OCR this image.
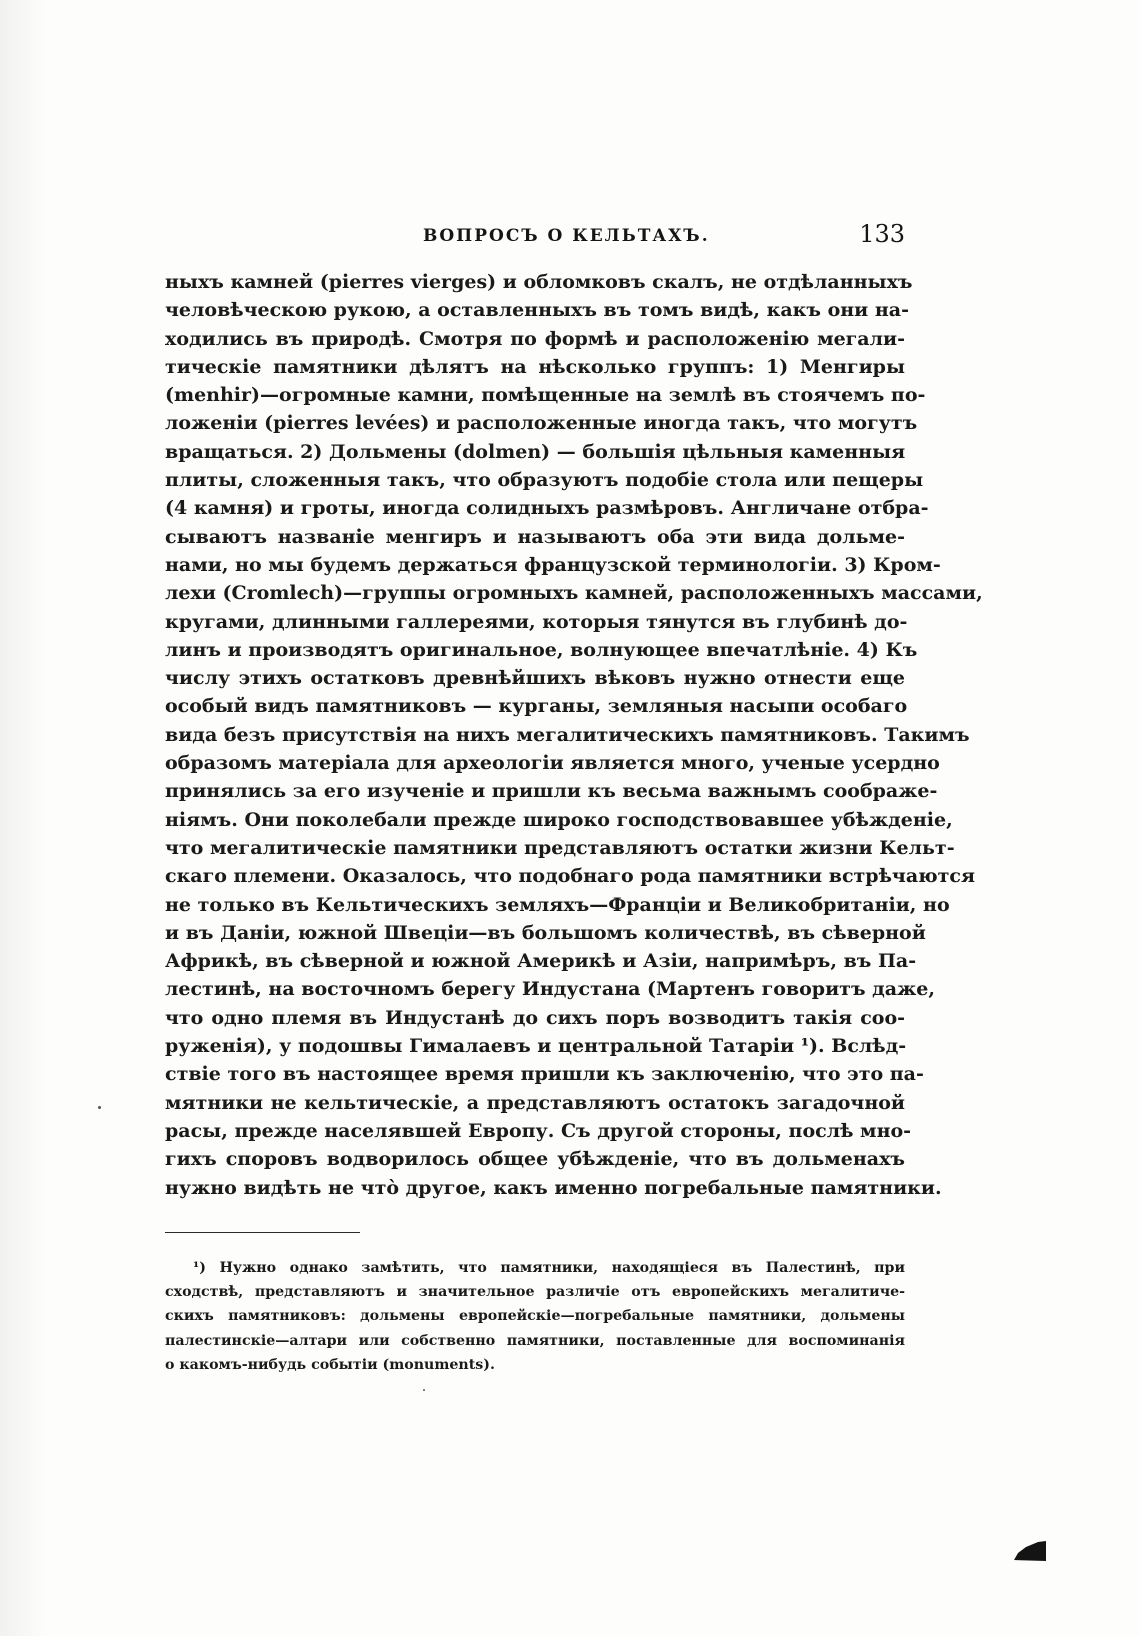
ВОПРОСЪ О КЕЛЬТАХЪ.	133
ныхъ камней (pierres vierges) и обломковъ скалъ, не отдѣланныхъ
человѣческою рукою, а оставленныхъ въ томъ видѣ, какъ они на-
ходились въ природѣ. Смотря по формѣ и расположенію мегали-
тическіе памятники дѣлятъ на нѣсколько группъ: 1) Менгиры
(menhir)—огромные камни, помѣщенные на землѣ въ стоячемъ по-
ложеніи (pierres levées) и расположенные иногда такъ, что могутъ
вращаться. 2) Дольмены (dolmen) — большія цѣльныя каменныя
плиты, сложенныя такъ, что образуютъ подобіе стола или пещеры
(4 камня) и гроты, иногда солидныхъ размѣровъ. Англичане отбра-
сываютъ названіе менгиръ и называютъ оба эти вида дольме-
нами, но мы будемъ держаться французской терминологіи. 3) Кром-
лехи (Cromlech)—группы огромныхъ камней, расположенныхъ массами,
кругами, длинными галлереями, которыя тянутся въ глубинѣ до-
линъ и производятъ оригинальное, волнующее впечатлѣніе. 4) Къ
числу этихъ остатковъ древнѣйшихъ вѣковъ нужно отнести еще
особый видъ памятниковъ — курганы, земляныя насыпи особаго
вида безъ присутствія на нихъ мегалитическихъ памятниковъ. Такимъ
образомъ матеріала для археологіи является много, ученые усердно
принялись за его изученіе и пришли къ весьма важнымъ соображе-
ніямъ. Они поколебали прежде широко господствовавшее убѣжденіе,
что мегалитическіе памятники представляютъ остатки жизни Кельт-
скаго племени. Оказалось, что подобнаго рода памятники встрѣчаются
не только въ Кельтическихъ земляхъ—Франціи и Великобританіи, но
и въ Даніи, южной Швеціи—въ большомъ количествѣ, въ сѣверной
Африкѣ, въ сѣверной и южной Америкѣ и Азіи, напримѣръ, въ Па-
лестинѣ, на восточномъ берегу Индустана (Мартенъ говоритъ даже,
что одно племя въ Индустанѣ до сихъ поръ возводитъ такія соо-
руженія), у подошвы Гималаевъ и центральной Татаріи ¹). Вслѣд-
ствіе того въ настоящее время пришли къ заключенію, что это па-
мятники не кельтическіе, а представляютъ остатокъ загадочной
расы, прежде населявшей Европу. Съ другой стороны, послѣ мно-
гихъ споровъ водворилось общее убѣжденіе, что въ дольменахъ
нужно видѣть не что̀ другое, какъ именно погребальные памятники.
¹) Нужно однако замѣтить, что памятники, находящіеся въ Палестинѣ, при
сходствѣ, представляютъ и значительное различіе отъ европейскихъ мегалитиче-
скихъ памятниковъ: дольмены европейскіе—погребальные памятники, дольмены
палестинскіе—алтари или собственно памятники, поставленные для воспоминанія
о какомъ-нибудь событіи (monuments).
